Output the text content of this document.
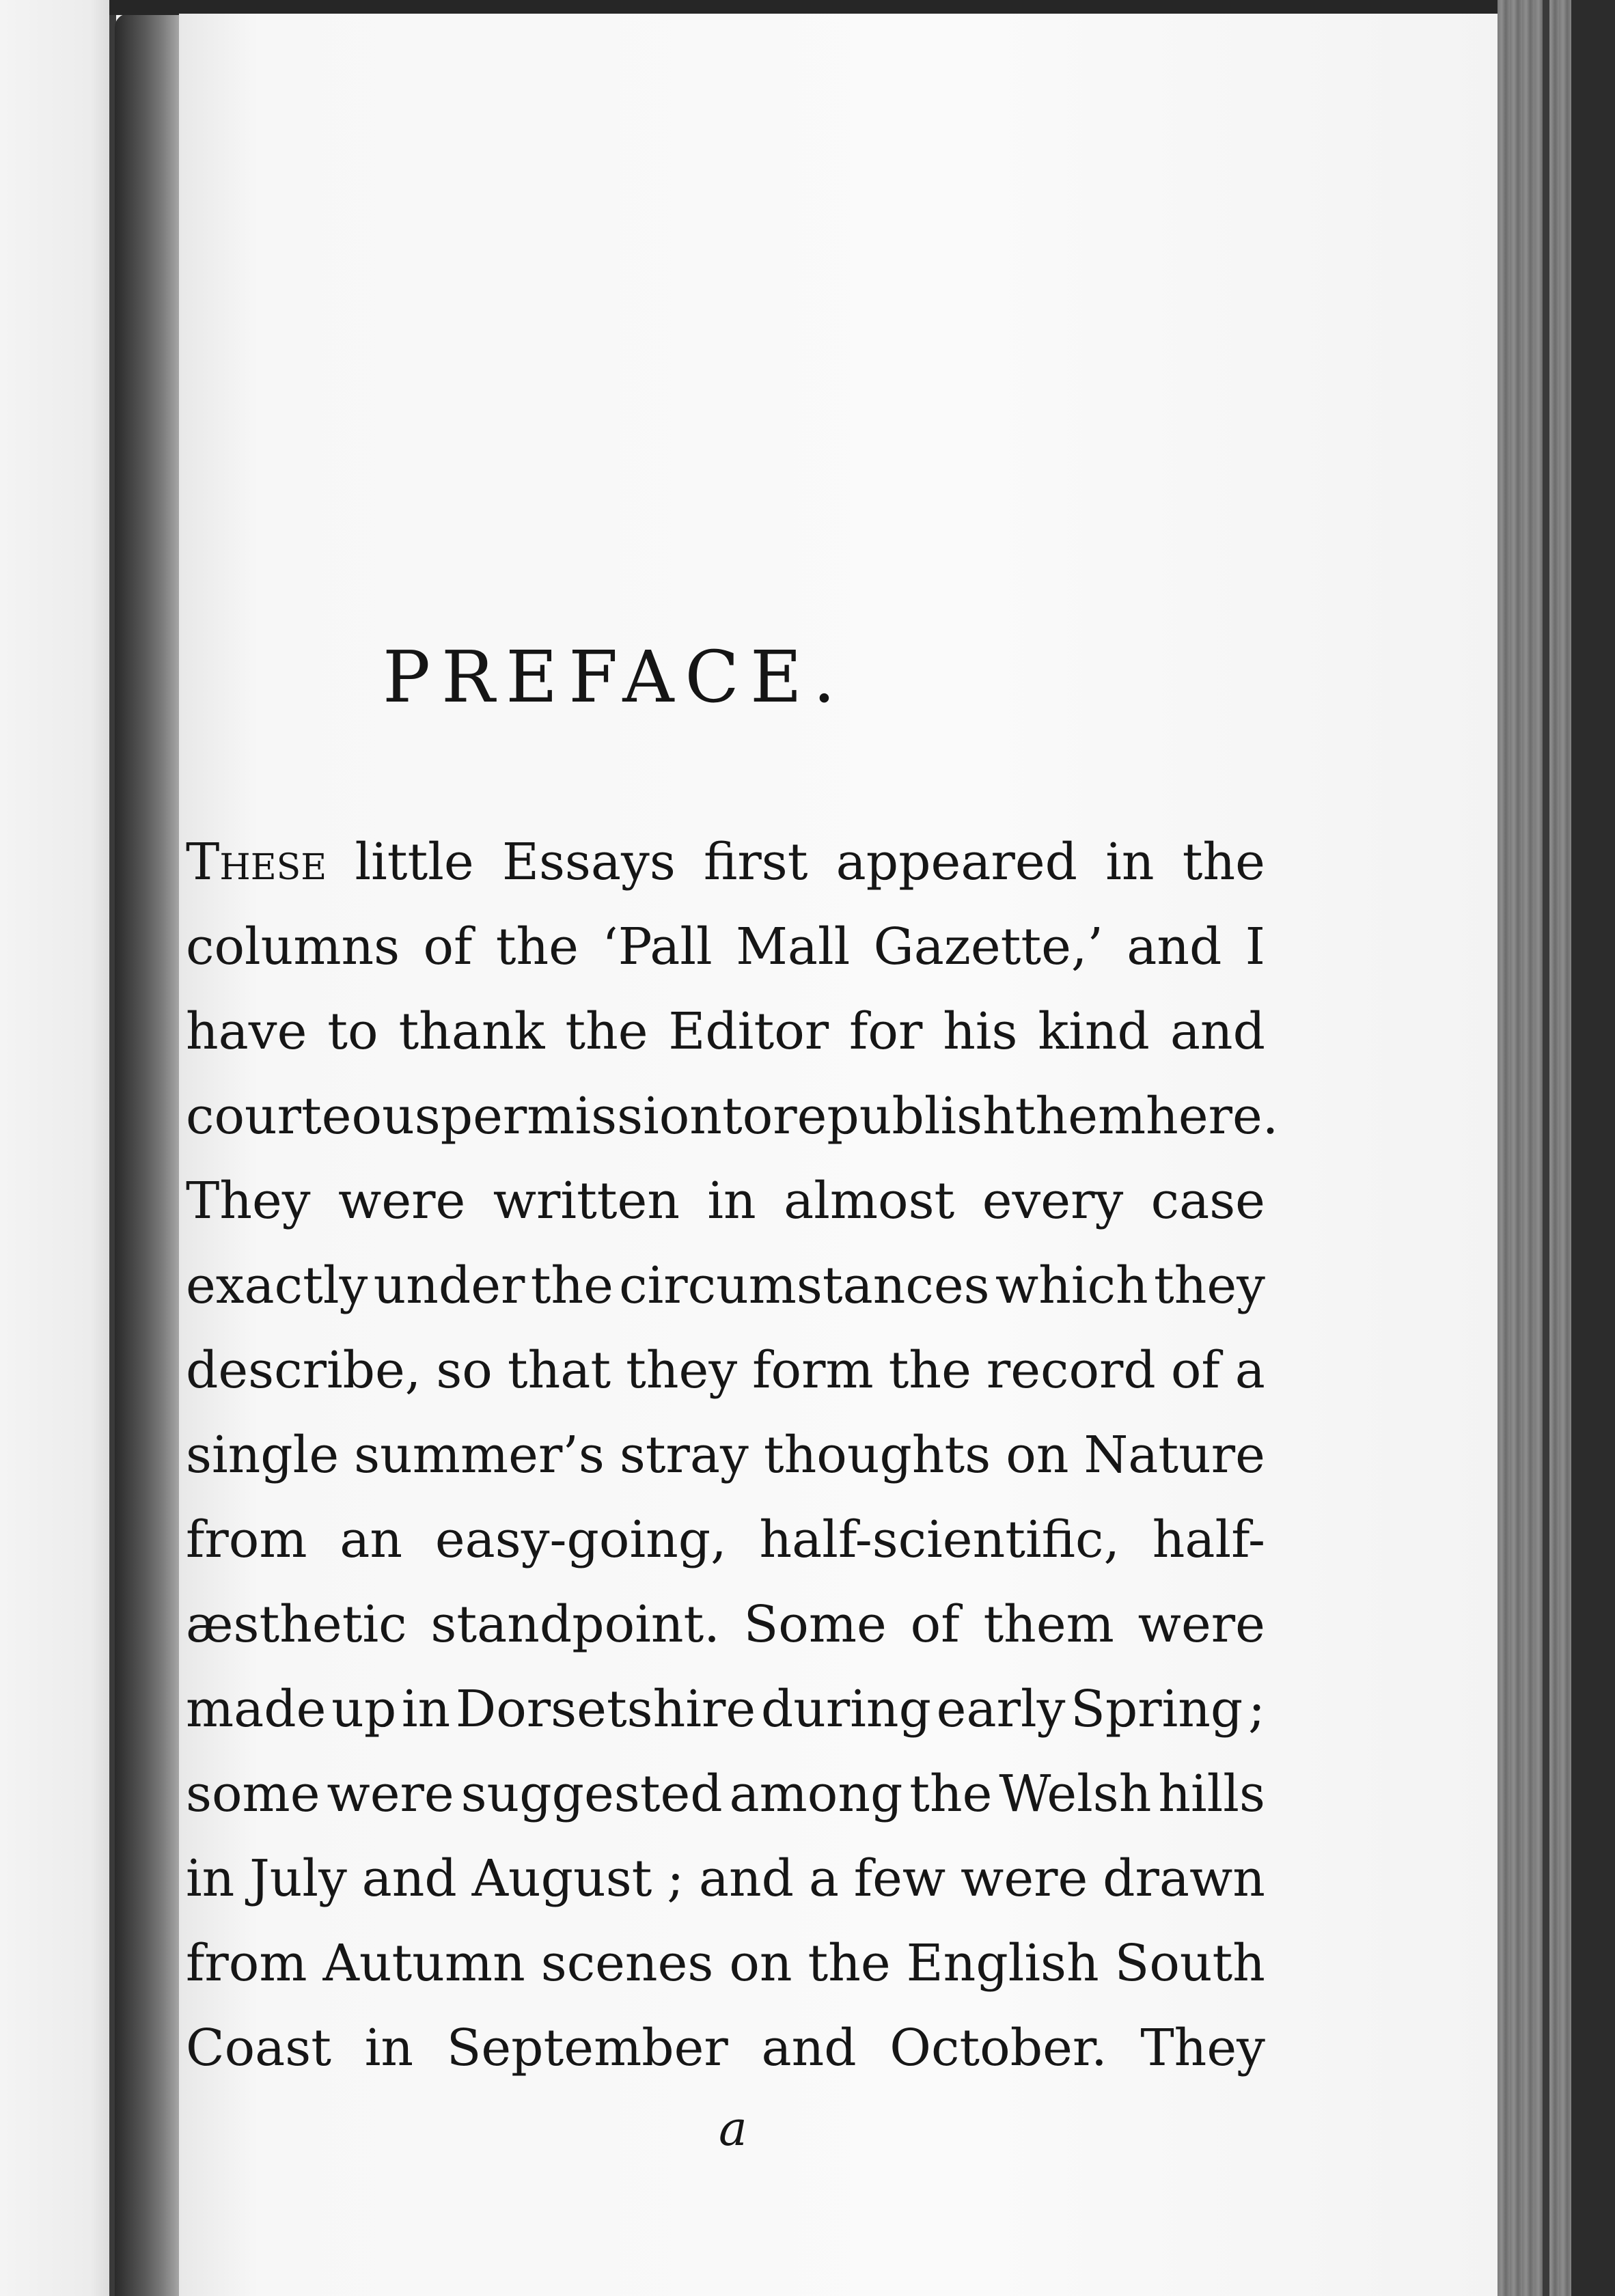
PREFACE.
These little Essays first appeared in the
columns of the ‘Pall Mall Gazette,’ and I
have to thank the Editor for his kind and
courteous permission to republish them here.
They were written in almost every case
exactly under the circumstances which they
describe, so that they form the record of a
single summer’s stray thoughts on Nature
from an easy-going, half-scientific, half-
æsthetic standpoint. Some of them were
made up in Dorsetshire during early Spring ;
some were suggested among the Welsh hills
in July and August ; and a few were drawn
from Autumn scenes on the English South
Coast in September and October. They
a
